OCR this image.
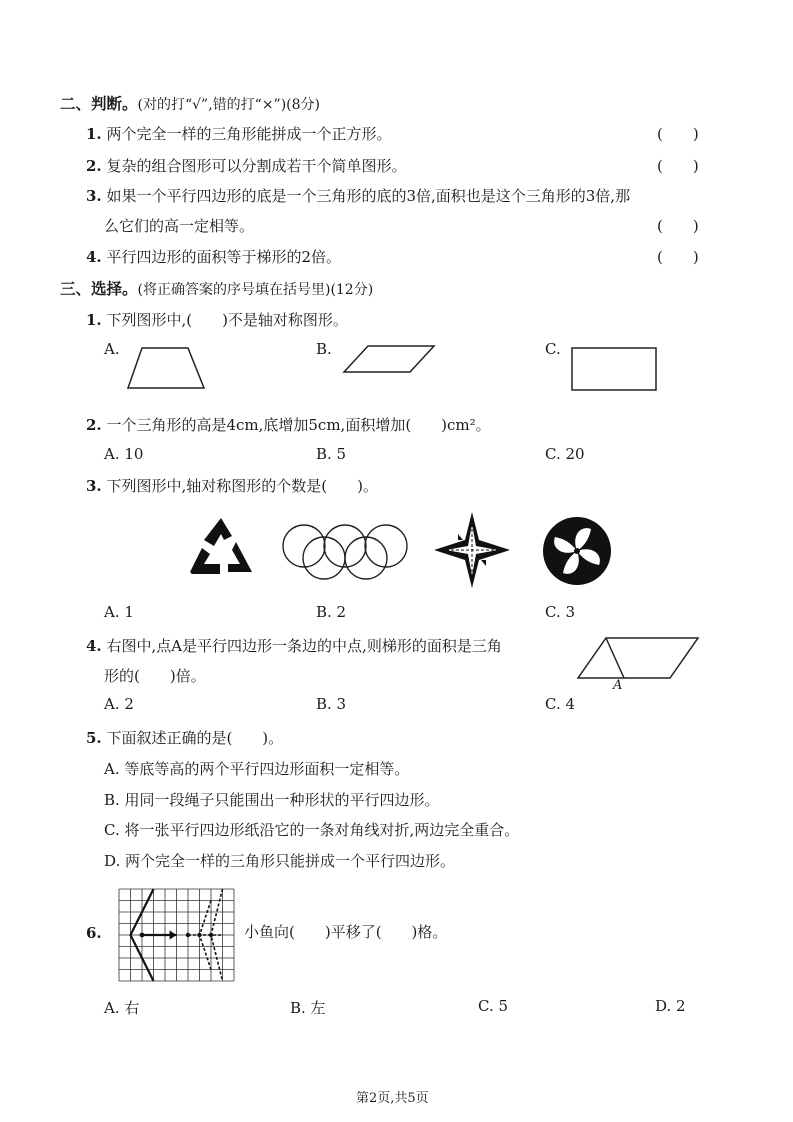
二、判断。(对的打“√”,错的打“×”)(8分)
1. 两个完全一样的三角形能拼成一个正方形。	(　　)
2. 复杂的组合图形可以分割成若干个简单图形。	(　　)
3. 如果一个平行四边形的底是一个三角形的底的3倍,面积也是这个三角形的3倍,那
么它们的高一定相等。	(　　)
4. 平行四边形的面积等于梯形的2倍。	(　　)
三、选择。(将正确答案的序号填在括号里)(12分)
1. 下列图形中,(　　)不是轴对称图形。
A.	B.	C.
2. 一个三角形的高是4cm,底增加5cm,面积增加(　　)cm²。
A. 10	B. 5	C. 20
3. 下列图形中,轴对称图形的个数是(　　)。
A. 1	B. 2	C. 3
4. 右图中,点A是平行四边形一条边的中点,则梯形的面积是三角
形的(　　)倍。
A
A. 2	B. 3	C. 4
5. 下面叙述正确的是(　　)。
A. 等底等高的两个平行四边形面积一定相等。
B. 用同一段绳子只能围出一种形状的平行四边形。
C. 将一张平行四边形纸沿它的一条对角线对折,两边完全重合。
D. 两个完全一样的三角形只能拼成一个平行四边形。
6.	小鱼向(　　)平移了(　　)格。
A. 右	B. 左	C. 5	D. 2
第2页,共5页
